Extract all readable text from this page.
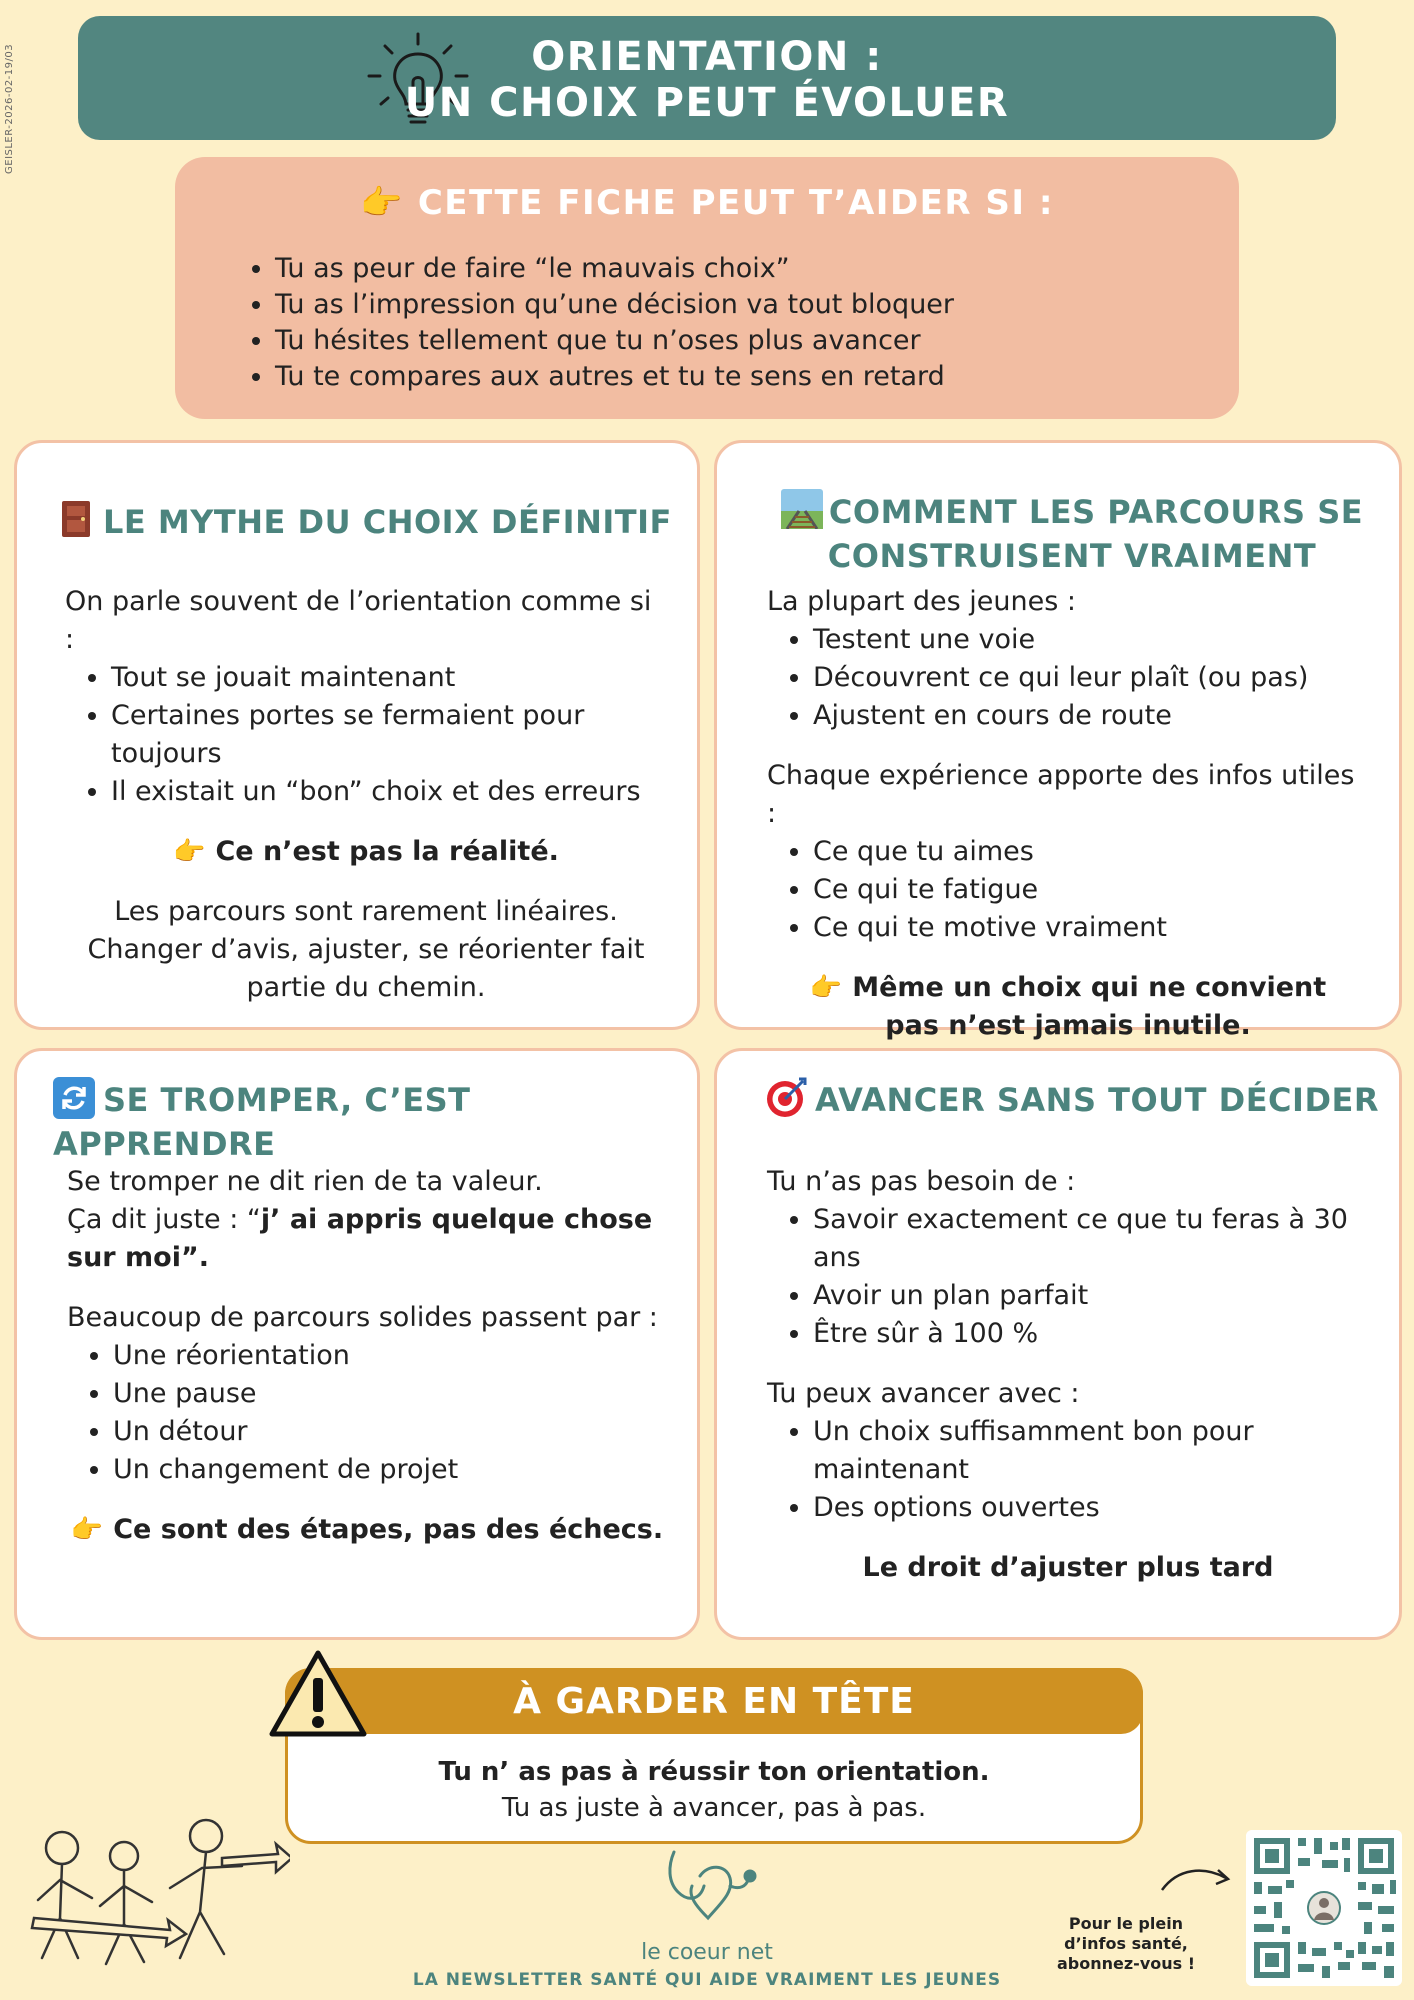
GEISLER-2026-02-19/03	ORIENTATION :
UN CHOIX PEUT ÉVOLUER
👉 CETTE FICHE PEUT T’AIDER SI :
• Tu as peur de faire “le mauvais choix”
• Tu as l’impression qu’une décision va tout bloquer
• Tu hésites tellement que tu n’oses plus avancer
• Tu te compares aux autres et tu te sens en retard
LE MYTHE DU CHOIX DÉFINITIF

On parle souvent de l’orientation comme si :

• Tout se jouait maintenant
• Certaines portes se fermaient pour toujours
• Il existait un “bon” choix et des erreurs

👉 Ce n’est pas la réalité.

Les parcours sont rarement linéaires. Changer d’avis, ajuster, se réorienter fait partie du chemin.

COMMENT LES PARCOURS SE
CONSTRUISENT VRAIMENT

La plupart des jeunes :

• Testent une voie
• Découvrent ce qui leur plaît (ou pas)
• Ajustent en cours de route

Chaque expérience apporte des infos utiles :

• Ce que tu aimes
• Ce qui te fatigue
• Ce qui te motive vraiment

👉 Même un choix qui ne convient
pas n’est jamais inutile.

SE TROMPER, C’EST APPRENDRE

Se tromper ne dit rien de ta valeur.

Ça dit juste : “j’ ai appris quelque chose sur moi”.

Beaucoup de parcours solides passent par :

• Une réorientation
• Une pause
• Un détour
• Un changement de projet

👉 Ce sont des étapes, pas des échecs.

AVANCER SANS TOUT DÉCIDER

Tu n’as pas besoin de :

• Savoir exactement ce que tu feras à 30 ans
• Avoir un plan parfait
• Être sûr à 100 %

Tu peux avancer avec :

• Un choix suffisamment bon pour maintenant
• Des options ouvertes

Le droit d’ajuster plus tard

À GARDER EN TÊTE
Tu n’ as pas à réussir ton orientation.
Tu as juste à avancer, pas à pas.
le coeur net
LA NEWSLETTER SANTÉ QUI AIDE VRAIMENT LES JEUNES
Pour le plein
d’infos santé,
abonnez-vous !
